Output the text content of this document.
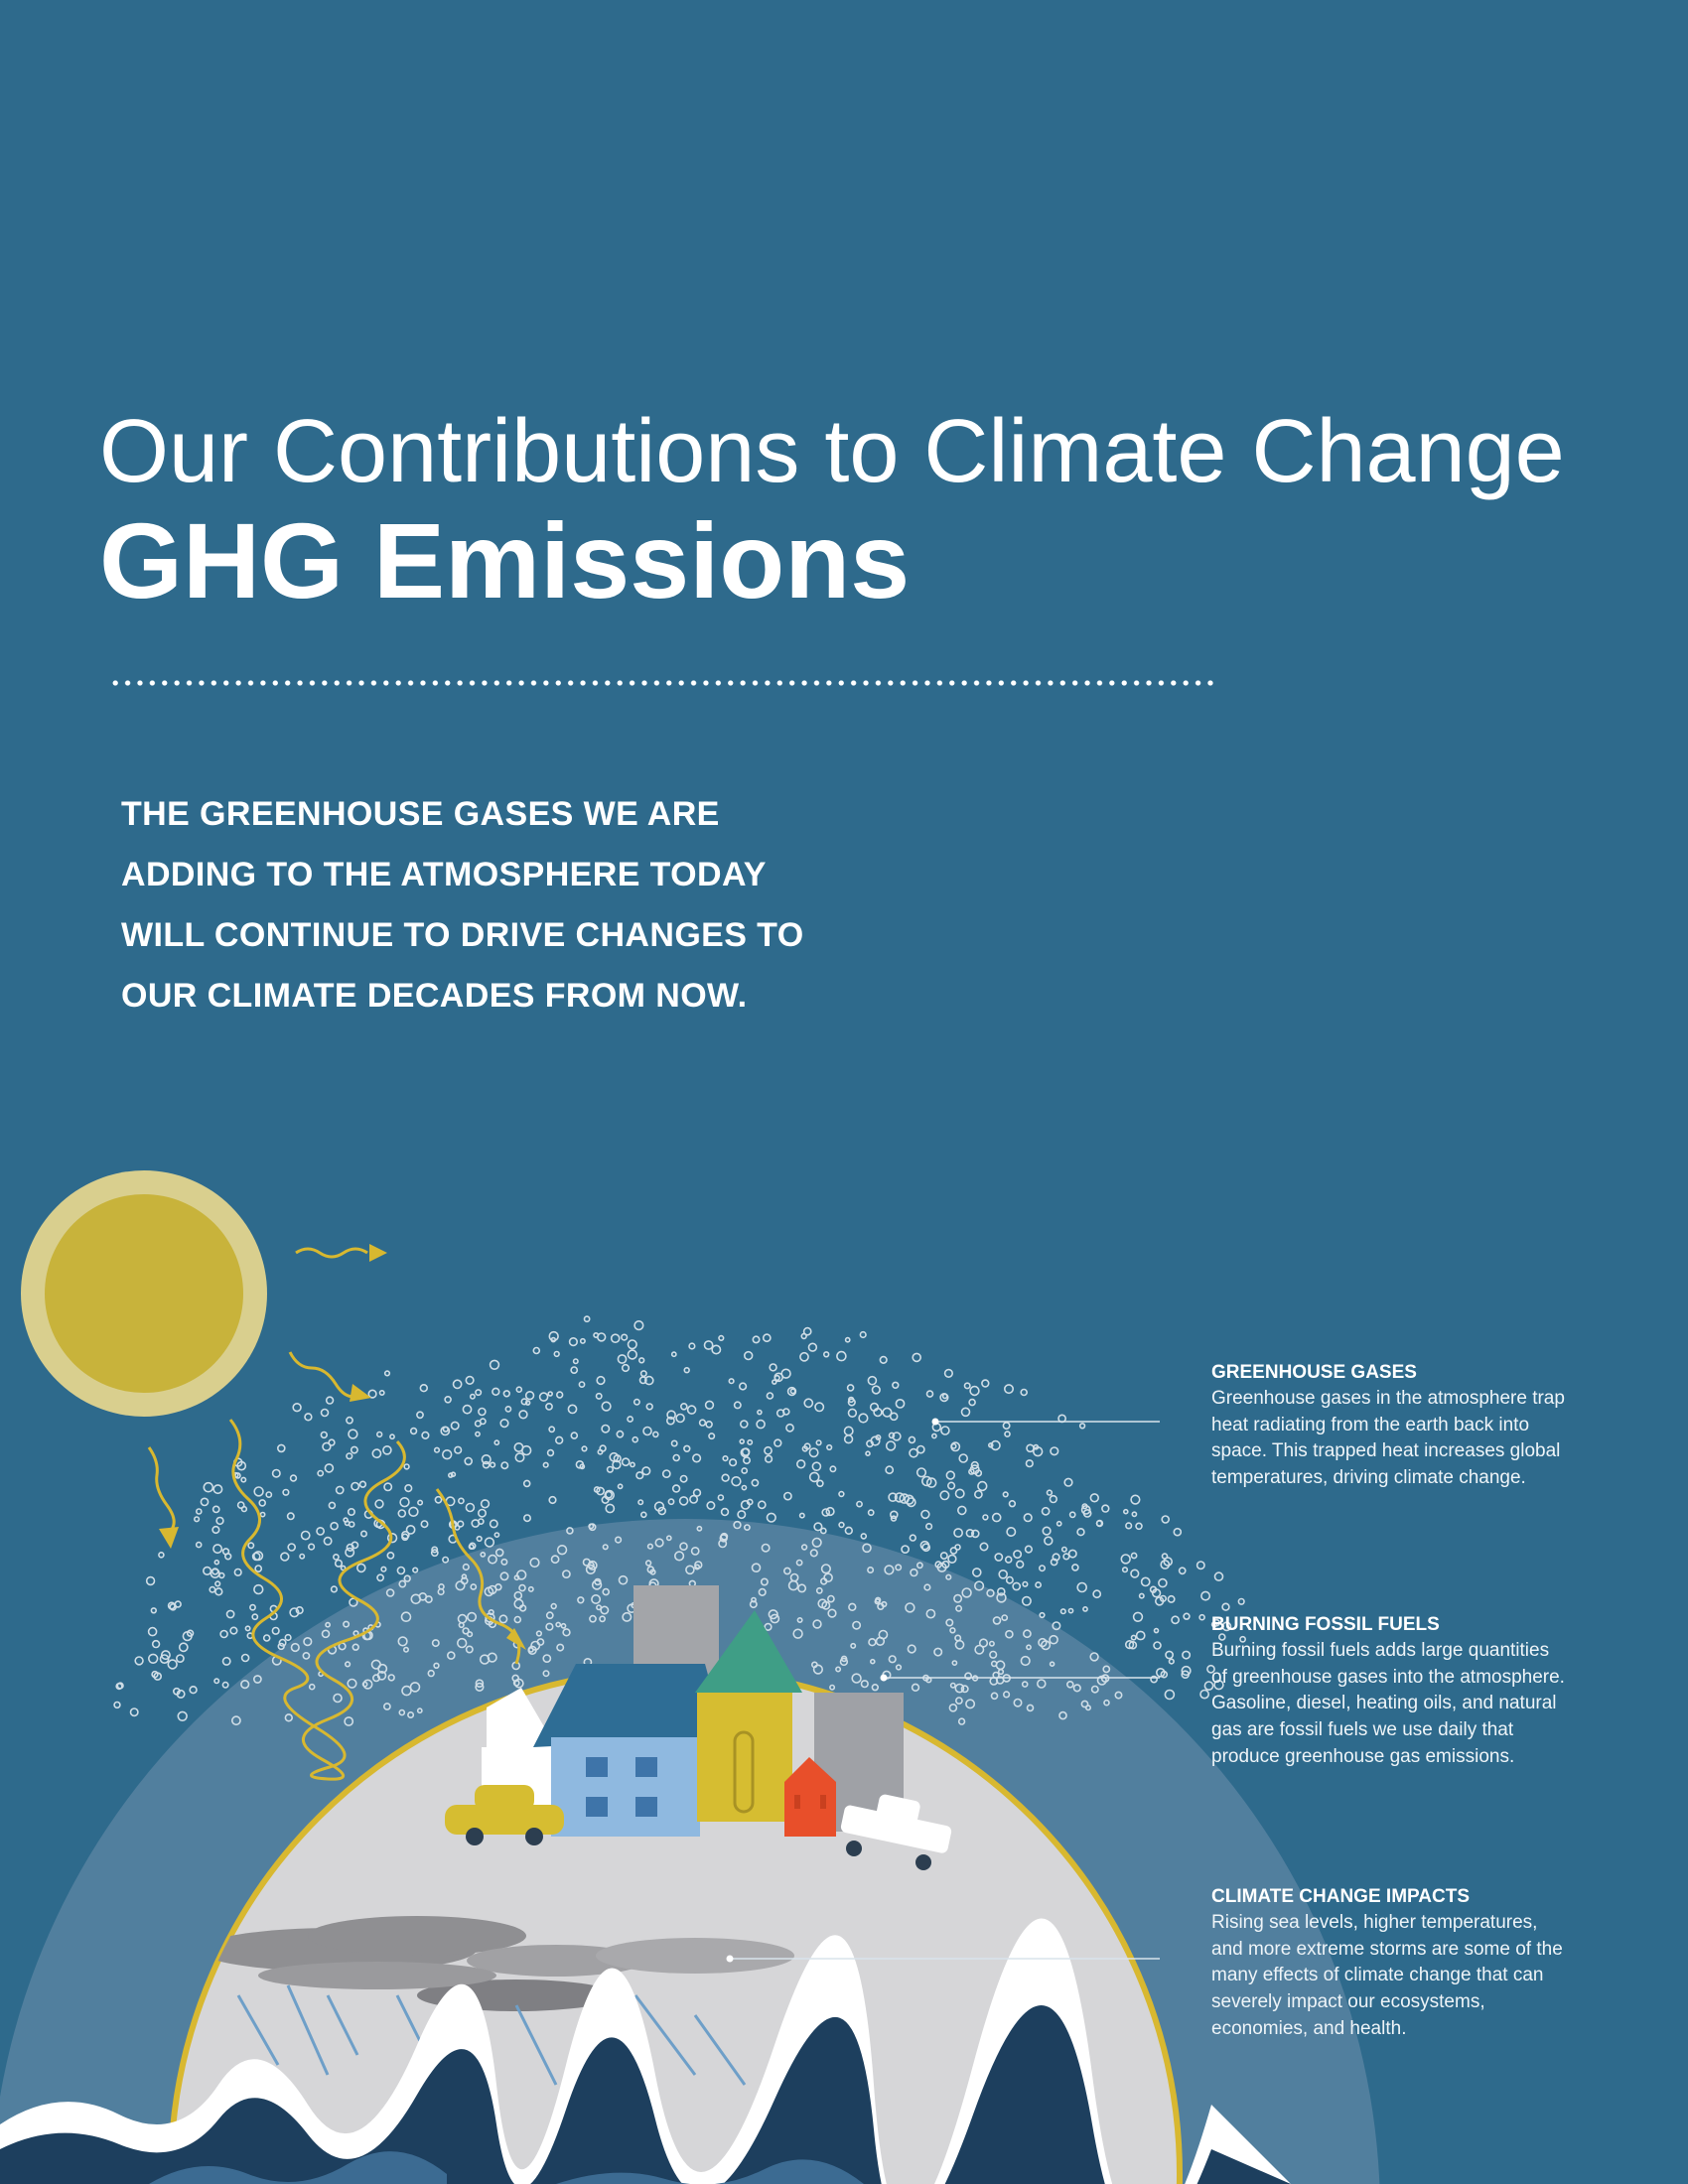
Our Contributions to Climate Change
GHG Emissions
THE GREENHOUSE GASES WE ARE
ADDING TO THE ATMOSPHERE TODAY
WILL CONTINUE TO DRIVE CHANGES TO
OUR CLIMATE DECADES FROM NOW.
GREENHOUSE GASES
Greenhouse gases in the atmosphere trap heat radiating from the earth back into space. This trapped heat increases global temperatures, driving climate change.
BURNING FOSSIL FUELS
Burning fossil fuels adds large quantities of greenhouse gases into the atmosphere. Gasoline, diesel, heating oils, and natural gas are fossil fuels we use daily that produce greenhouse gas emissions.
CLIMATE CHANGE IMPACTS
Rising sea levels, higher temperatures, and more extreme storms are some of the many effects of climate change that can severely impact our ecosystems, economies, and health.
